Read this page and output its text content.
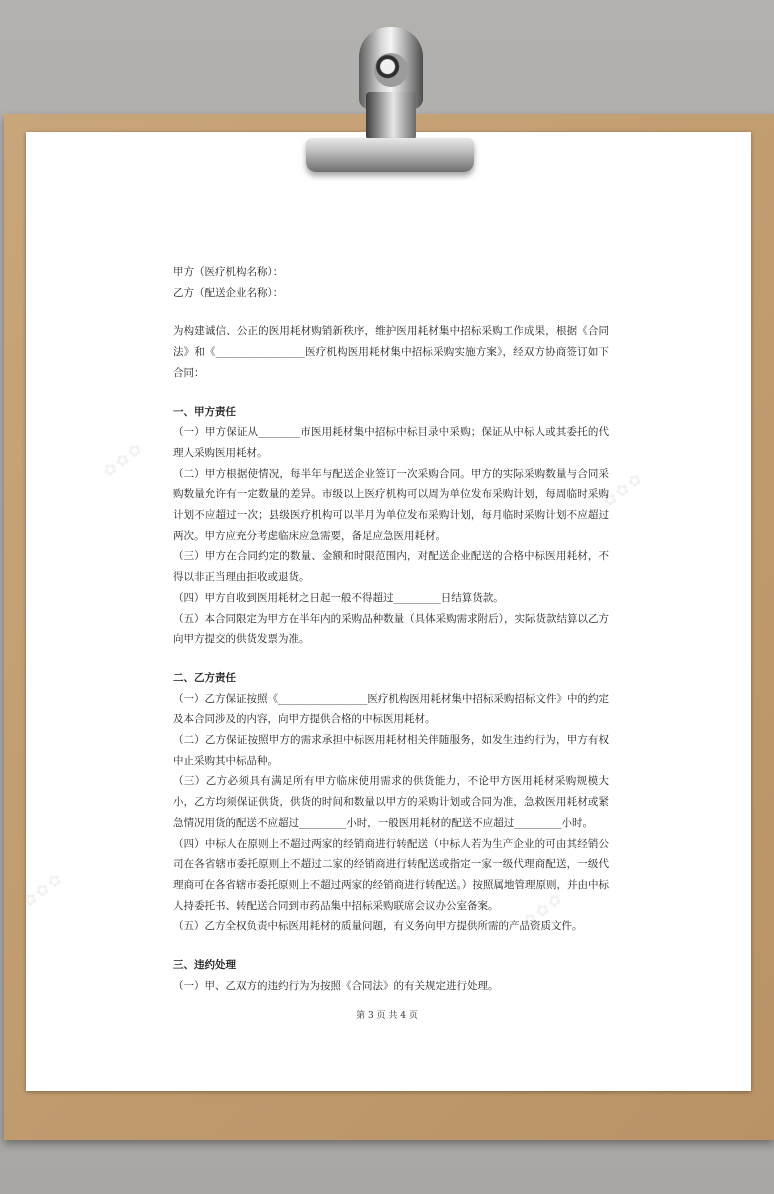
甲方（医疗机构名称）：

乙方（配送企业名称）：

为构建诚信、公正的医用耗材购销新秩序，维护医用耗材集中招标采购工作成果，根据《合同法》和《_________________医疗机构医用耗材集中招标采购实施方案》，经双方协商签订如下合同：

一、甲方责任

（一）甲方保证从________市医用耗材集中招标中标目录中采购；保证从中标人或其委托的代理人采购医用耗材。

（二）甲方根据使情况，每半年与配送企业签订一次采购合同。甲方的实际采购数量与合同采购数量允许有一定数量的差异。市级以上医疗机构可以周为单位发布采购计划，每周临时采购计划不应超过一次；县级医疗机构可以半月为单位发布采购计划，每月临时采购计划不应超过两次。甲方应充分考虑临床应急需要，备足应急医用耗材。

（三）甲方在合同约定的数量、金额和时限范围内，对配送企业配送的合格中标医用耗材，不得以非正当理由拒收或退货。

（四）甲方自收到医用耗材之日起一般不得超过_________日结算货款。

（五）本合同限定为甲方在半年内的采购品种数量（具体采购需求附后），实际货款结算以乙方向甲方提交的供货发票为准。

二、乙方责任

（一）乙方保证按照《_________________医疗机构医用耗材集中招标采购招标文件》中的约定及本合同涉及的内容，向甲方提供合格的中标医用耗材。

（二）乙方保证按照甲方的需求承担中标医用耗材相关伴随服务，如发生违约行为，甲方有权中止采购其中标品种。

（三）乙方必须具有满足所有甲方临床使用需求的供货能力，不论甲方医用耗材采购规模大小，乙方均须保证供货，供货的时间和数量以甲方的采购计划或合同为准，急救医用耗材或紧急情况用货的配送不应超过_________小时，一般医用耗材的配送不应超过_________小时。

（四）中标人在原则上不超过两家的经销商进行转配送（中标人若为生产企业的可由其经销公司在各省辖市委托原则上不超过二家的经销商进行转配送或指定一家一级代理商配送，一级代理商可在各省辖市委托原则上不超过两家的经销商进行转配送。）按照属地管理原则，并由中标人持委托书、转配送合同到市药品集中招标采购联席会议办公室备案。

（五）乙方全权负责中标医用耗材的质量问题，有义务向甲方提供所需的产品资质文件。

三、违约处理

（一）甲、乙双方的违约行为为按照《合同法》的有关规定进行处理。

第 3 页 共 4 页
